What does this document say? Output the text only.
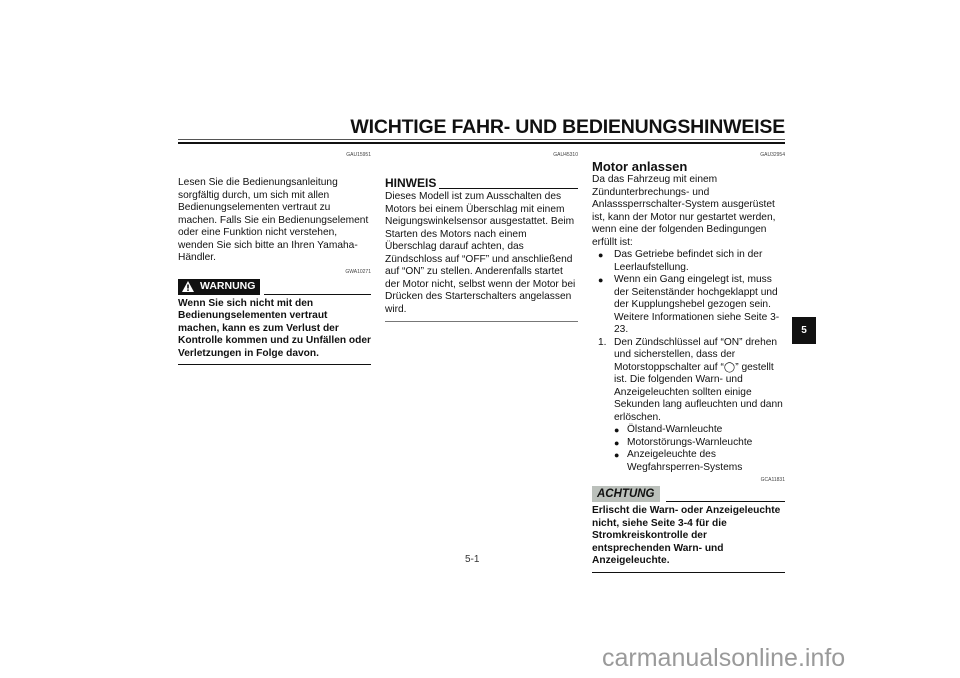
WICHTIGE FAHR- UND BEDIENUNGSHINWEISE
GAU15951

Lesen Sie die Bedienungsanleitung sorgfältig durch, um sich mit allen Bedienungselementen vertraut zu machen. Falls Sie ein Bedienungselement oder eine Funktion nicht verstehen, wenden Sie sich bitte an Ihren Yamaha-Händler.

GWA10271
WARNUNG
Wenn Sie sich nicht mit den Bedienungselementen vertraut machen, kann es zum Verlust der Kontrolle kommen und zu Unfällen oder Verletzungen in Folge davon.
GAU45310
HINWEIS

Dieses Modell ist zum Ausschalten des Motors bei einem Überschlag mit einem Neigungswinkelsensor ausgestattet. Beim Starten des Motors nach einem Überschlag darauf achten, das Zündschloss auf “OFF” und anschließend auf “ON” zu stellen. Anderenfalls startet der Motor nicht, selbst wenn der Motor bei Drücken des Starterschalters angelassen wird.

GAU32954
Motor anlassen

Da das Fahrzeug mit einem Zündunterbrechungs- und Anlasssperrschalter-System ausgerüstet ist, kann der Motor nur gestartet werden, wenn eine der folgenden Bedingungen erfüllt ist:

●	Das Getriebe befindet sich in der Leerlaufstellung.
●	Wenn ein Gang eingelegt ist, muss der Seitenständer hochgeklappt und der Kupplungshebel gezogen sein. Weitere Informationen siehe Seite 3-23.
1. Den Zündschlüssel auf “ON” drehen und sicherstellen, dass der Motorstoppschalter auf “◯” gestellt ist. Die folgenden Warn- und Anzeigeleuchten sollten einige Sekunden lang aufleuchten und dann erlöschen.
● Ölstand-Warnleuchte
● Motorstörungs-Warnleuchte
● Anzeigeleuchte des Wegfahrsperren-Systems
GCA11831
ACHTUNG
Erlischt die Warn- oder Anzeigeleuchte nicht, siehe Seite 3-4 für die Stromkreiskontrolle der entsprechenden Warn- und Anzeigeleuchte.
5
5-1
carmanualsonline.info
